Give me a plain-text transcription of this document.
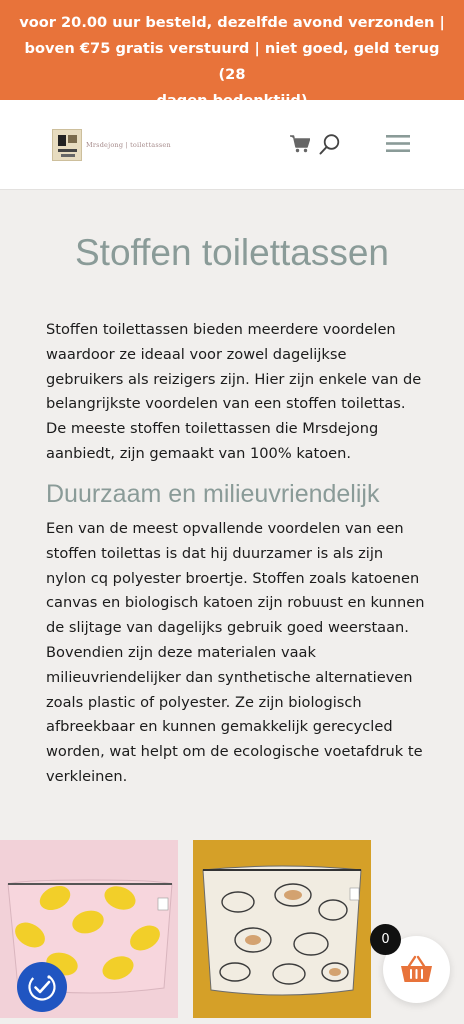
voor 20.00 uur besteld, dezelfde avond verzonden |
boven €75 gratis verstuurd | niet goed, geld terug (28
Mrsdejong | toilettassen
Stoffen toilettassen

Stoffen toilettassen bieden meerdere voordelen waardoor ze ideaal voor zowel dagelijkse gebruikers als reizigers zijn. Hier zijn enkele van de belangrijkste voordelen van een stoffen toilettas. De meeste stoffen toilettassen die Mrsdejong aanbiedt, zijn gemaakt van 100% katoen.

Duurzaam en milieuvriendelijk

Een van de meest opvallende voordelen van een stoffen toilettas is dat hij duurzamer is als zijn nylon cq polyester broertje. Stoffen zoals katoenen canvas en biologisch katoen zijn robuust en kunnen de slijtage van dagelijks gebruik goed weerstaan. Bovendien zijn deze materialen vaak milieuvriendelijker dan synthetische alternatieven zoals plastic of polyester. Ze zijn biologisch afbreekbaar en kunnen gemakkelijk gerecycled worden, wat helpt om de ecologische voetafdruk te verkleinen.

0
